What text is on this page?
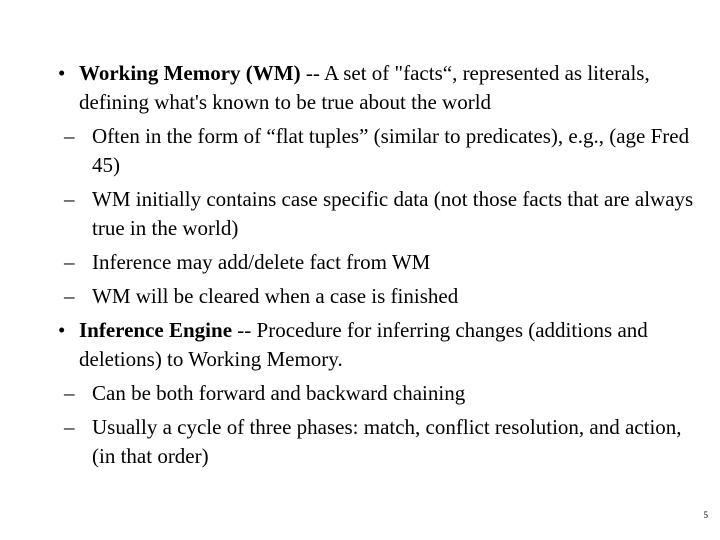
• Working Memory (WM) -- A set of "facts“, represented as literals, defining what's known to be true about the world

– Often in the form of “flat tuples” (similar to predicates), e.g., (age Fred 45)

– WM initially contains case specific data (not those facts that are always true in the world)

– Inference may add/delete fact from WM

– WM will be cleared when a case is finished

• Inference Engine -- Procedure for inferring changes (additions and deletions) to Working Memory.

– Can be both forward and backward chaining

– Usually a cycle of three phases: match, conflict resolution, and action, (in that order)

5
